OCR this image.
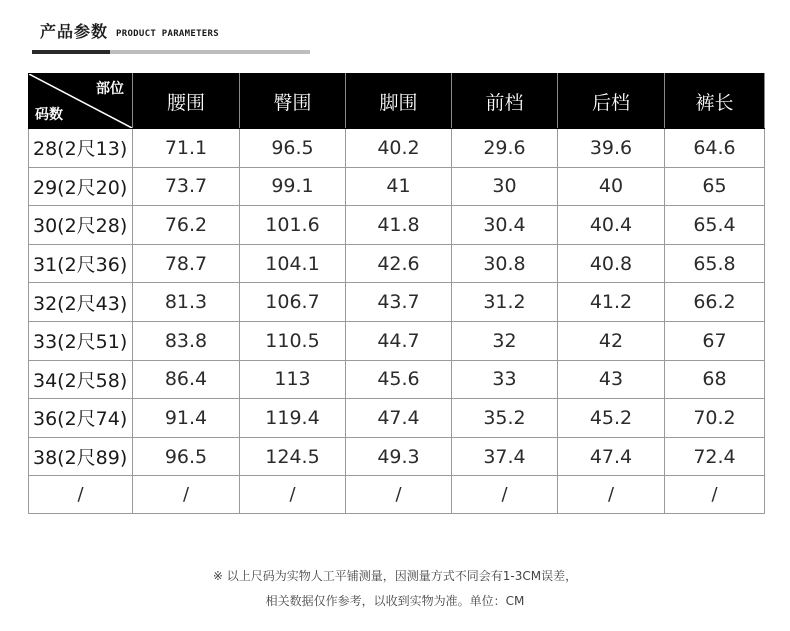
产品参数 PRODUCT PARAMETERS
部位
码数	腰围	臀围	脚围	前档	后档	裤长
28(2尺13)	71.1	96.5	40.2	29.6	39.6	64.6
29(2尺20)	73.7	99.1	41	30	40	65
30(2尺28)	76.2	101.6	41.8	30.4	40.4	65.4
31(2尺36)	78.7	104.1	42.6	30.8	40.8	65.8
32(2尺43)	81.3	106.7	43.7	31.2	41.2	66.2
33(2尺51)	83.8	110.5	44.7	32	42	67
34(2尺58)	86.4	113	45.6	33	43	68
36(2尺74)	91.4	119.4	47.4	35.2	45.2	70.2
38(2尺89)	96.5	124.5	49.3	37.4	47.4	72.4
/	/	/	/	/	/	/
※ 以上尺码为实物人工平铺测量，因测量方式不同会有1-3CM误差，
相关数据仅作参考，以收到实物为准。单位：CM
